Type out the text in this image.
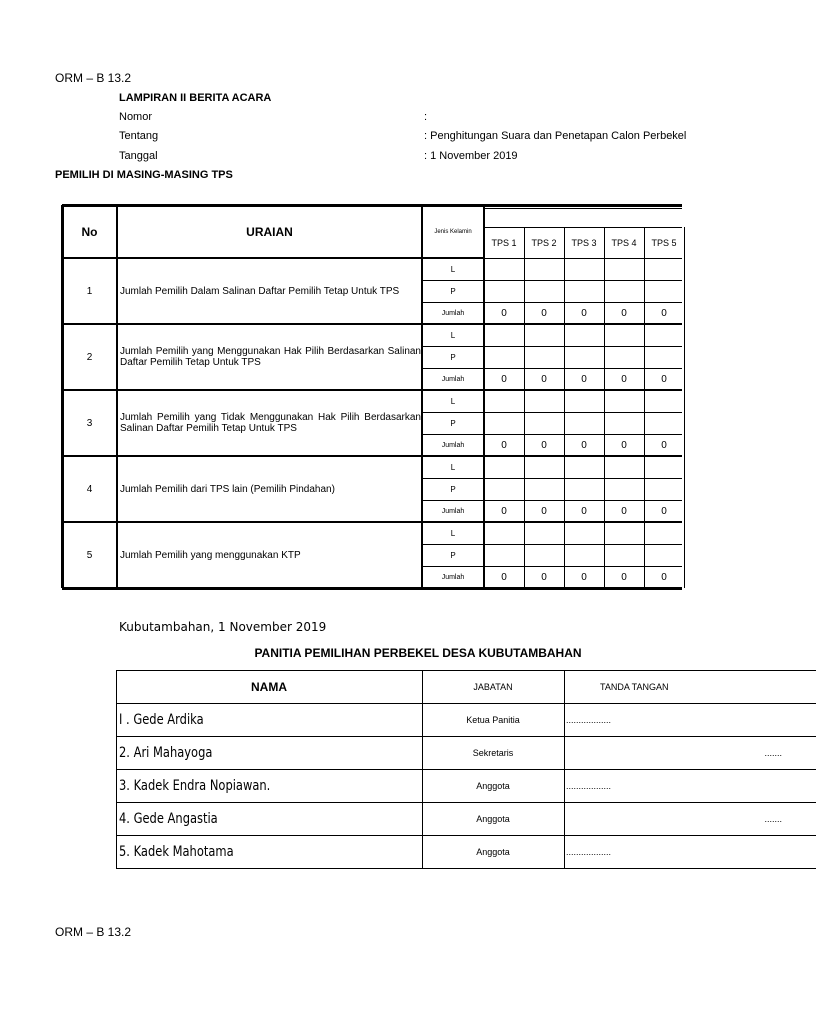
ORM – B 13.2
LAMPIRAN II BERITA ACARA
Nomor	:
Tentang	: Penghitungan Suara dan Penetapan Calon Perbekel
Tanggal	: 1 November 2019
PEMILIH DI MASING-MASING TPS
No	URAIAN	Jenis Kelamin
TPS 1	TPS 2	TPS 3	TPS 4	TPS 5
1	Jumlah Pemilih Dalam Salinan Daftar Pemilih Tetap Untuk TPS
L
P
Jumlah	0	0	0	0	0
2	Jumlah Pemilih yang Menggunakan Hak Pilih Berdasarkan Salinan Daftar Pemilih Tetap Untuk TPS
L
P
Jumlah	0	0	0	0	0
3	Jumlah Pemilih yang Tidak Menggunakan Hak Pilih Berdasarkan Salinan Daftar Pemilih Tetap Untuk TPS
L
P
Jumlah	0	0	0	0	0
4	Jumlah Pemilih dari TPS lain (Pemilih Pindahan)
L
P
Jumlah	0	0	0	0	0
5	Jumlah Pemilih yang menggunakan KTP
L
P
Jumlah	0	0	0	0	0
Kubutambahan, 1 November 2019
PANITIA PEMILIHAN PERBEKEL DESA KUBUTAMBAHAN
NAMA	JABATAN	TANDA TANGAN
I . Gede Ardika	Ketua Panitia	..................
2. Ari Mahayoga	Sekretaris	.......
3. Kadek Endra Nopiawan.	Anggota	..................
4. Gede Angastia	Anggota	.......
5. Kadek Mahotama	Anggota	..................
ORM – B 13.2
